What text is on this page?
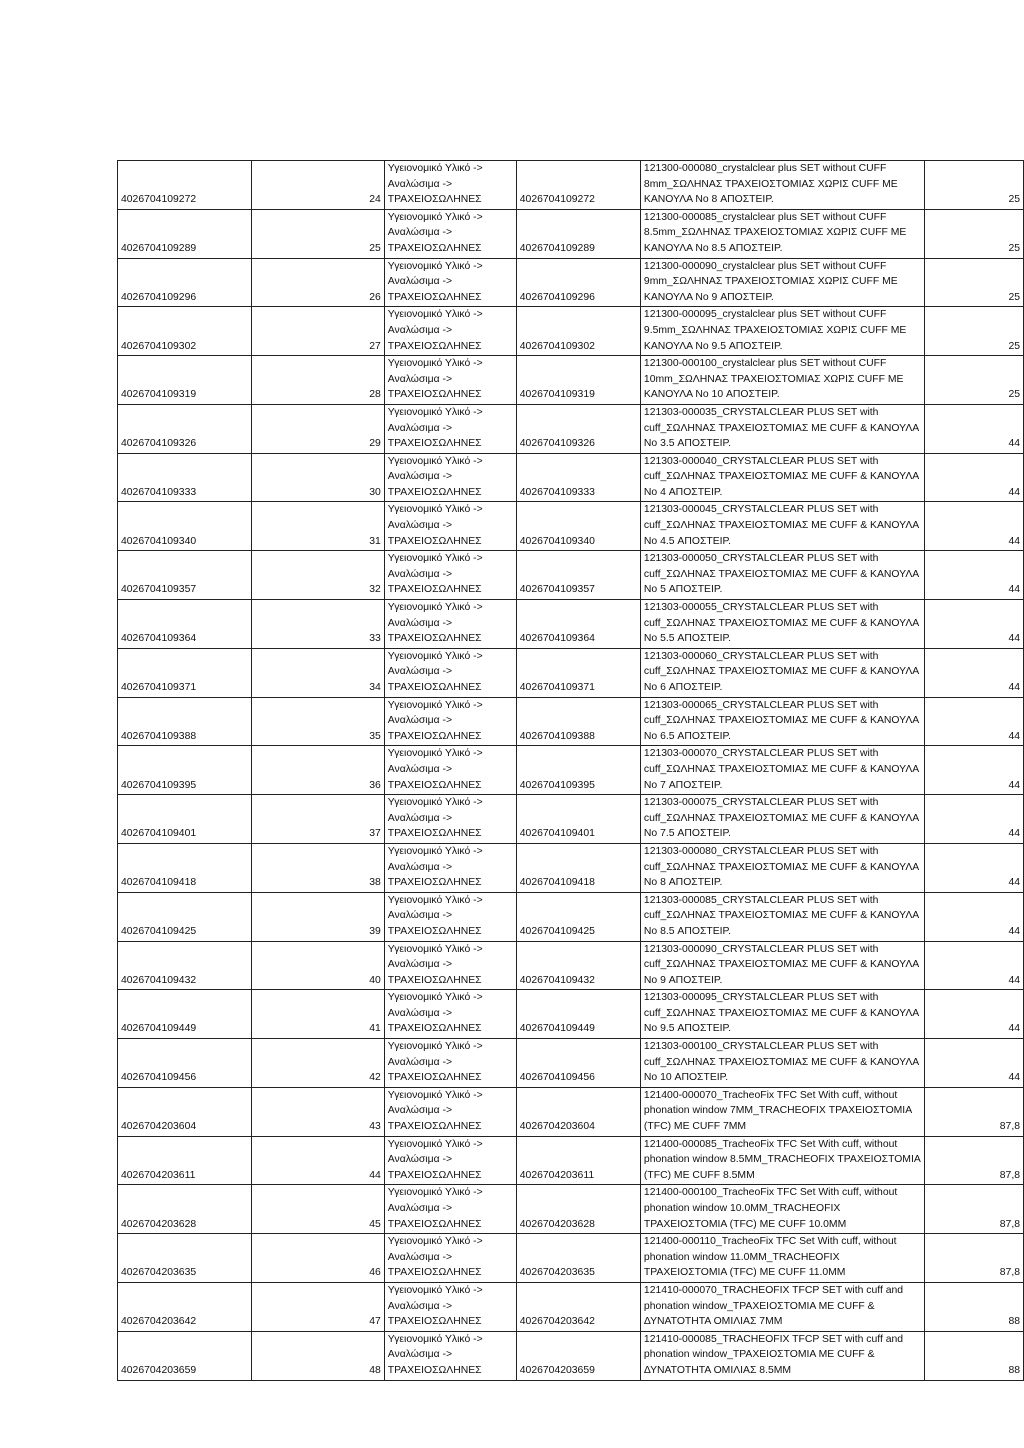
4026704109272	24	Υγειονομικό Υλικό ->
Αναλώσιμα ->
ΤΡΑΧΕΙΟΣΩΛΗΝΕΣ	4026704109272	121300-000080_crystalclear plus SET without CUFF
8mm_ΣΩΛΗΝΑΣ ΤΡΑΧΕΙΟΣΤΟΜΙΑΣ ΧΩΡΙΣ CUFF ΜΕ
ΚΑΝΟΥΛΑ No 8 ΑΠΟΣΤΕΙΡ.	25

4026704109289	25	Υγειονομικό Υλικό ->
Αναλώσιμα ->
ΤΡΑΧΕΙΟΣΩΛΗΝΕΣ	4026704109289	121300-000085_crystalclear plus SET without CUFF
8.5mm_ΣΩΛΗΝΑΣ ΤΡΑΧΕΙΟΣΤΟΜΙΑΣ ΧΩΡΙΣ CUFF ΜΕ
ΚΑΝΟΥΛΑ No 8.5 ΑΠΟΣΤΕΙΡ.	25

4026704109296	26	Υγειονομικό Υλικό ->
Αναλώσιμα ->
ΤΡΑΧΕΙΟΣΩΛΗΝΕΣ	4026704109296	121300-000090_crystalclear plus SET without CUFF
9mm_ΣΩΛΗΝΑΣ ΤΡΑΧΕΙΟΣΤΟΜΙΑΣ ΧΩΡΙΣ CUFF ΜΕ
ΚΑΝΟΥΛΑ No 9 ΑΠΟΣΤΕΙΡ.	25

4026704109302	27	Υγειονομικό Υλικό ->
Αναλώσιμα ->
ΤΡΑΧΕΙΟΣΩΛΗΝΕΣ	4026704109302	121300-000095_crystalclear plus SET without CUFF
9.5mm_ΣΩΛΗΝΑΣ ΤΡΑΧΕΙΟΣΤΟΜΙΑΣ ΧΩΡΙΣ CUFF ΜΕ
ΚΑΝΟΥΛΑ No 9.5 ΑΠΟΣΤΕΙΡ.	25

4026704109319	28	Υγειονομικό Υλικό ->
Αναλώσιμα ->
ΤΡΑΧΕΙΟΣΩΛΗΝΕΣ	4026704109319	121300-000100_crystalclear plus SET without CUFF
10mm_ΣΩΛΗΝΑΣ ΤΡΑΧΕΙΟΣΤΟΜΙΑΣ ΧΩΡΙΣ CUFF ΜΕ
ΚΑΝΟΥΛΑ No 10 ΑΠΟΣΤΕΙΡ.	25

4026704109326	29	Υγειονομικό Υλικό ->
Αναλώσιμα ->
ΤΡΑΧΕΙΟΣΩΛΗΝΕΣ	4026704109326	121303-000035_CRYSTALCLEAR PLUS SET with
cuff_ΣΩΛΗΝΑΣ ΤΡΑΧΕΙΟΣΤΟΜΙΑΣ ΜΕ CUFF & ΚΑΝΟΥΛΑ
No 3.5 ΑΠΟΣΤΕΙΡ.	44

4026704109333	30	Υγειονομικό Υλικό ->
Αναλώσιμα ->
ΤΡΑΧΕΙΟΣΩΛΗΝΕΣ	4026704109333	121303-000040_CRYSTALCLEAR PLUS SET with
cuff_ΣΩΛΗΝΑΣ ΤΡΑΧΕΙΟΣΤΟΜΙΑΣ ΜΕ CUFF & ΚΑΝΟΥΛΑ
No 4 ΑΠΟΣΤΕΙΡ.	44

4026704109340	31	Υγειονομικό Υλικό ->
Αναλώσιμα ->
ΤΡΑΧΕΙΟΣΩΛΗΝΕΣ	4026704109340	121303-000045_CRYSTALCLEAR PLUS SET with
cuff_ΣΩΛΗΝΑΣ ΤΡΑΧΕΙΟΣΤΟΜΙΑΣ ΜΕ CUFF & ΚΑΝΟΥΛΑ
No 4.5 ΑΠΟΣΤΕΙΡ.	44

4026704109357	32	Υγειονομικό Υλικό ->
Αναλώσιμα ->
ΤΡΑΧΕΙΟΣΩΛΗΝΕΣ	4026704109357	121303-000050_CRYSTALCLEAR PLUS SET with
cuff_ΣΩΛΗΝΑΣ ΤΡΑΧΕΙΟΣΤΟΜΙΑΣ ΜΕ CUFF & ΚΑΝΟΥΛΑ
No 5 ΑΠΟΣΤΕΙΡ.	44

4026704109364	33	Υγειονομικό Υλικό ->
Αναλώσιμα ->
ΤΡΑΧΕΙΟΣΩΛΗΝΕΣ	4026704109364	121303-000055_CRYSTALCLEAR PLUS SET with
cuff_ΣΩΛΗΝΑΣ ΤΡΑΧΕΙΟΣΤΟΜΙΑΣ ΜΕ CUFF & ΚΑΝΟΥΛΑ
No 5.5 ΑΠΟΣΤΕΙΡ.	44

4026704109371	34	Υγειονομικό Υλικό ->
Αναλώσιμα ->
ΤΡΑΧΕΙΟΣΩΛΗΝΕΣ	4026704109371	121303-000060_CRYSTALCLEAR PLUS SET with
cuff_ΣΩΛΗΝΑΣ ΤΡΑΧΕΙΟΣΤΟΜΙΑΣ ΜΕ CUFF & ΚΑΝΟΥΛΑ
No 6 ΑΠΟΣΤΕΙΡ.	44

4026704109388	35	Υγειονομικό Υλικό ->
Αναλώσιμα ->
ΤΡΑΧΕΙΟΣΩΛΗΝΕΣ	4026704109388	121303-000065_CRYSTALCLEAR PLUS SET with
cuff_ΣΩΛΗΝΑΣ ΤΡΑΧΕΙΟΣΤΟΜΙΑΣ ΜΕ CUFF & ΚΑΝΟΥΛΑ
No 6.5 ΑΠΟΣΤΕΙΡ.	44

4026704109395	36	Υγειονομικό Υλικό ->
Αναλώσιμα ->
ΤΡΑΧΕΙΟΣΩΛΗΝΕΣ	4026704109395	121303-000070_CRYSTALCLEAR PLUS SET with
cuff_ΣΩΛΗΝΑΣ ΤΡΑΧΕΙΟΣΤΟΜΙΑΣ ΜΕ CUFF & ΚΑΝΟΥΛΑ
No 7 ΑΠΟΣΤΕΙΡ.	44

4026704109401	37	Υγειονομικό Υλικό ->
Αναλώσιμα ->
ΤΡΑΧΕΙΟΣΩΛΗΝΕΣ	4026704109401	121303-000075_CRYSTALCLEAR PLUS SET with
cuff_ΣΩΛΗΝΑΣ ΤΡΑΧΕΙΟΣΤΟΜΙΑΣ ΜΕ CUFF & ΚΑΝΟΥΛΑ
No 7.5 ΑΠΟΣΤΕΙΡ.	44

4026704109418	38	Υγειονομικό Υλικό ->
Αναλώσιμα ->
ΤΡΑΧΕΙΟΣΩΛΗΝΕΣ	4026704109418	121303-000080_CRYSTALCLEAR PLUS SET with
cuff_ΣΩΛΗΝΑΣ ΤΡΑΧΕΙΟΣΤΟΜΙΑΣ ΜΕ CUFF & ΚΑΝΟΥΛΑ
No 8 ΑΠΟΣΤΕΙΡ.	44

4026704109425	39	Υγειονομικό Υλικό ->
Αναλώσιμα ->
ΤΡΑΧΕΙΟΣΩΛΗΝΕΣ	4026704109425	121303-000085_CRYSTALCLEAR PLUS SET with
cuff_ΣΩΛΗΝΑΣ ΤΡΑΧΕΙΟΣΤΟΜΙΑΣ ΜΕ CUFF & ΚΑΝΟΥΛΑ
No 8.5 ΑΠΟΣΤΕΙΡ.	44

4026704109432	40	Υγειονομικό Υλικό ->
Αναλώσιμα ->
ΤΡΑΧΕΙΟΣΩΛΗΝΕΣ	4026704109432	121303-000090_CRYSTALCLEAR PLUS SET with
cuff_ΣΩΛΗΝΑΣ ΤΡΑΧΕΙΟΣΤΟΜΙΑΣ ΜΕ CUFF & ΚΑΝΟΥΛΑ
No 9 ΑΠΟΣΤΕΙΡ.	44

4026704109449	41	Υγειονομικό Υλικό ->
Αναλώσιμα ->
ΤΡΑΧΕΙΟΣΩΛΗΝΕΣ	4026704109449	121303-000095_CRYSTALCLEAR PLUS SET with
cuff_ΣΩΛΗΝΑΣ ΤΡΑΧΕΙΟΣΤΟΜΙΑΣ ΜΕ CUFF & ΚΑΝΟΥΛΑ
No 9.5 ΑΠΟΣΤΕΙΡ.	44

4026704109456	42	Υγειονομικό Υλικό ->
Αναλώσιμα ->
ΤΡΑΧΕΙΟΣΩΛΗΝΕΣ	4026704109456	121303-000100_CRYSTALCLEAR PLUS SET with
cuff_ΣΩΛΗΝΑΣ ΤΡΑΧΕΙΟΣΤΟΜΙΑΣ ΜΕ CUFF & ΚΑΝΟΥΛΑ
No 10 ΑΠΟΣΤΕΙΡ.	44

4026704203604	43	Υγειονομικό Υλικό ->
Αναλώσιμα ->
ΤΡΑΧΕΙΟΣΩΛΗΝΕΣ	4026704203604	121400-000070_TracheoFix TFC Set With cuff, without
phonation window 7MM_TRACHEOFIX ΤΡΑΧΕΙΟΣΤΟΜΙΑ
(TFC) ΜΕ CUFF 7MM	87,8

4026704203611	44	Υγειονομικό Υλικό ->
Αναλώσιμα ->
ΤΡΑΧΕΙΟΣΩΛΗΝΕΣ	4026704203611	121400-000085_TracheoFix TFC Set With cuff, without
phonation window 8.5MM_TRACHEOFIX ΤΡΑΧΕΙΟΣΤΟΜΙΑ
(TFC) ΜΕ CUFF 8.5MM	87,8

4026704203628	45	Υγειονομικό Υλικό ->
Αναλώσιμα ->
ΤΡΑΧΕΙΟΣΩΛΗΝΕΣ	4026704203628	121400-000100_TracheoFix TFC Set With cuff, without
phonation window 10.0MM_TRACHEOFIX
ΤΡΑΧΕΙΟΣΤΟΜΙΑ (TFC) ΜΕ CUFF 10.0MM	87,8

4026704203635	46	Υγειονομικό Υλικό ->
Αναλώσιμα ->
ΤΡΑΧΕΙΟΣΩΛΗΝΕΣ	4026704203635	121400-000110_TracheoFix TFC Set With cuff, without
phonation window 11.0MM_TRACHEOFIX
ΤΡΑΧΕΙΟΣΤΟΜΙΑ (TFC) ΜΕ CUFF 11.0MM	87,8

4026704203642	47	Υγειονομικό Υλικό ->
Αναλώσιμα ->
ΤΡΑΧΕΙΟΣΩΛΗΝΕΣ	4026704203642	121410-000070_TRACHEOFIX TFCP SET with cuff and
phonation window_ΤΡΑΧΕΙΟΣΤΟΜΙΑ ΜΕ CUFF &
ΔΥΝΑΤΟΤΗΤΑ ΟΜΙΛΙΑΣ 7MM	88

4026704203659	48	Υγειονομικό Υλικό ->
Αναλώσιμα ->
ΤΡΑΧΕΙΟΣΩΛΗΝΕΣ	4026704203659	121410-000085_TRACHEOFIX TFCP SET with cuff and
phonation window_ΤΡΑΧΕΙΟΣΤΟΜΙΑ ΜΕ CUFF &
ΔΥΝΑΤΟΤΗΤΑ ΟΜΙΛΙΑΣ 8.5MM	88
